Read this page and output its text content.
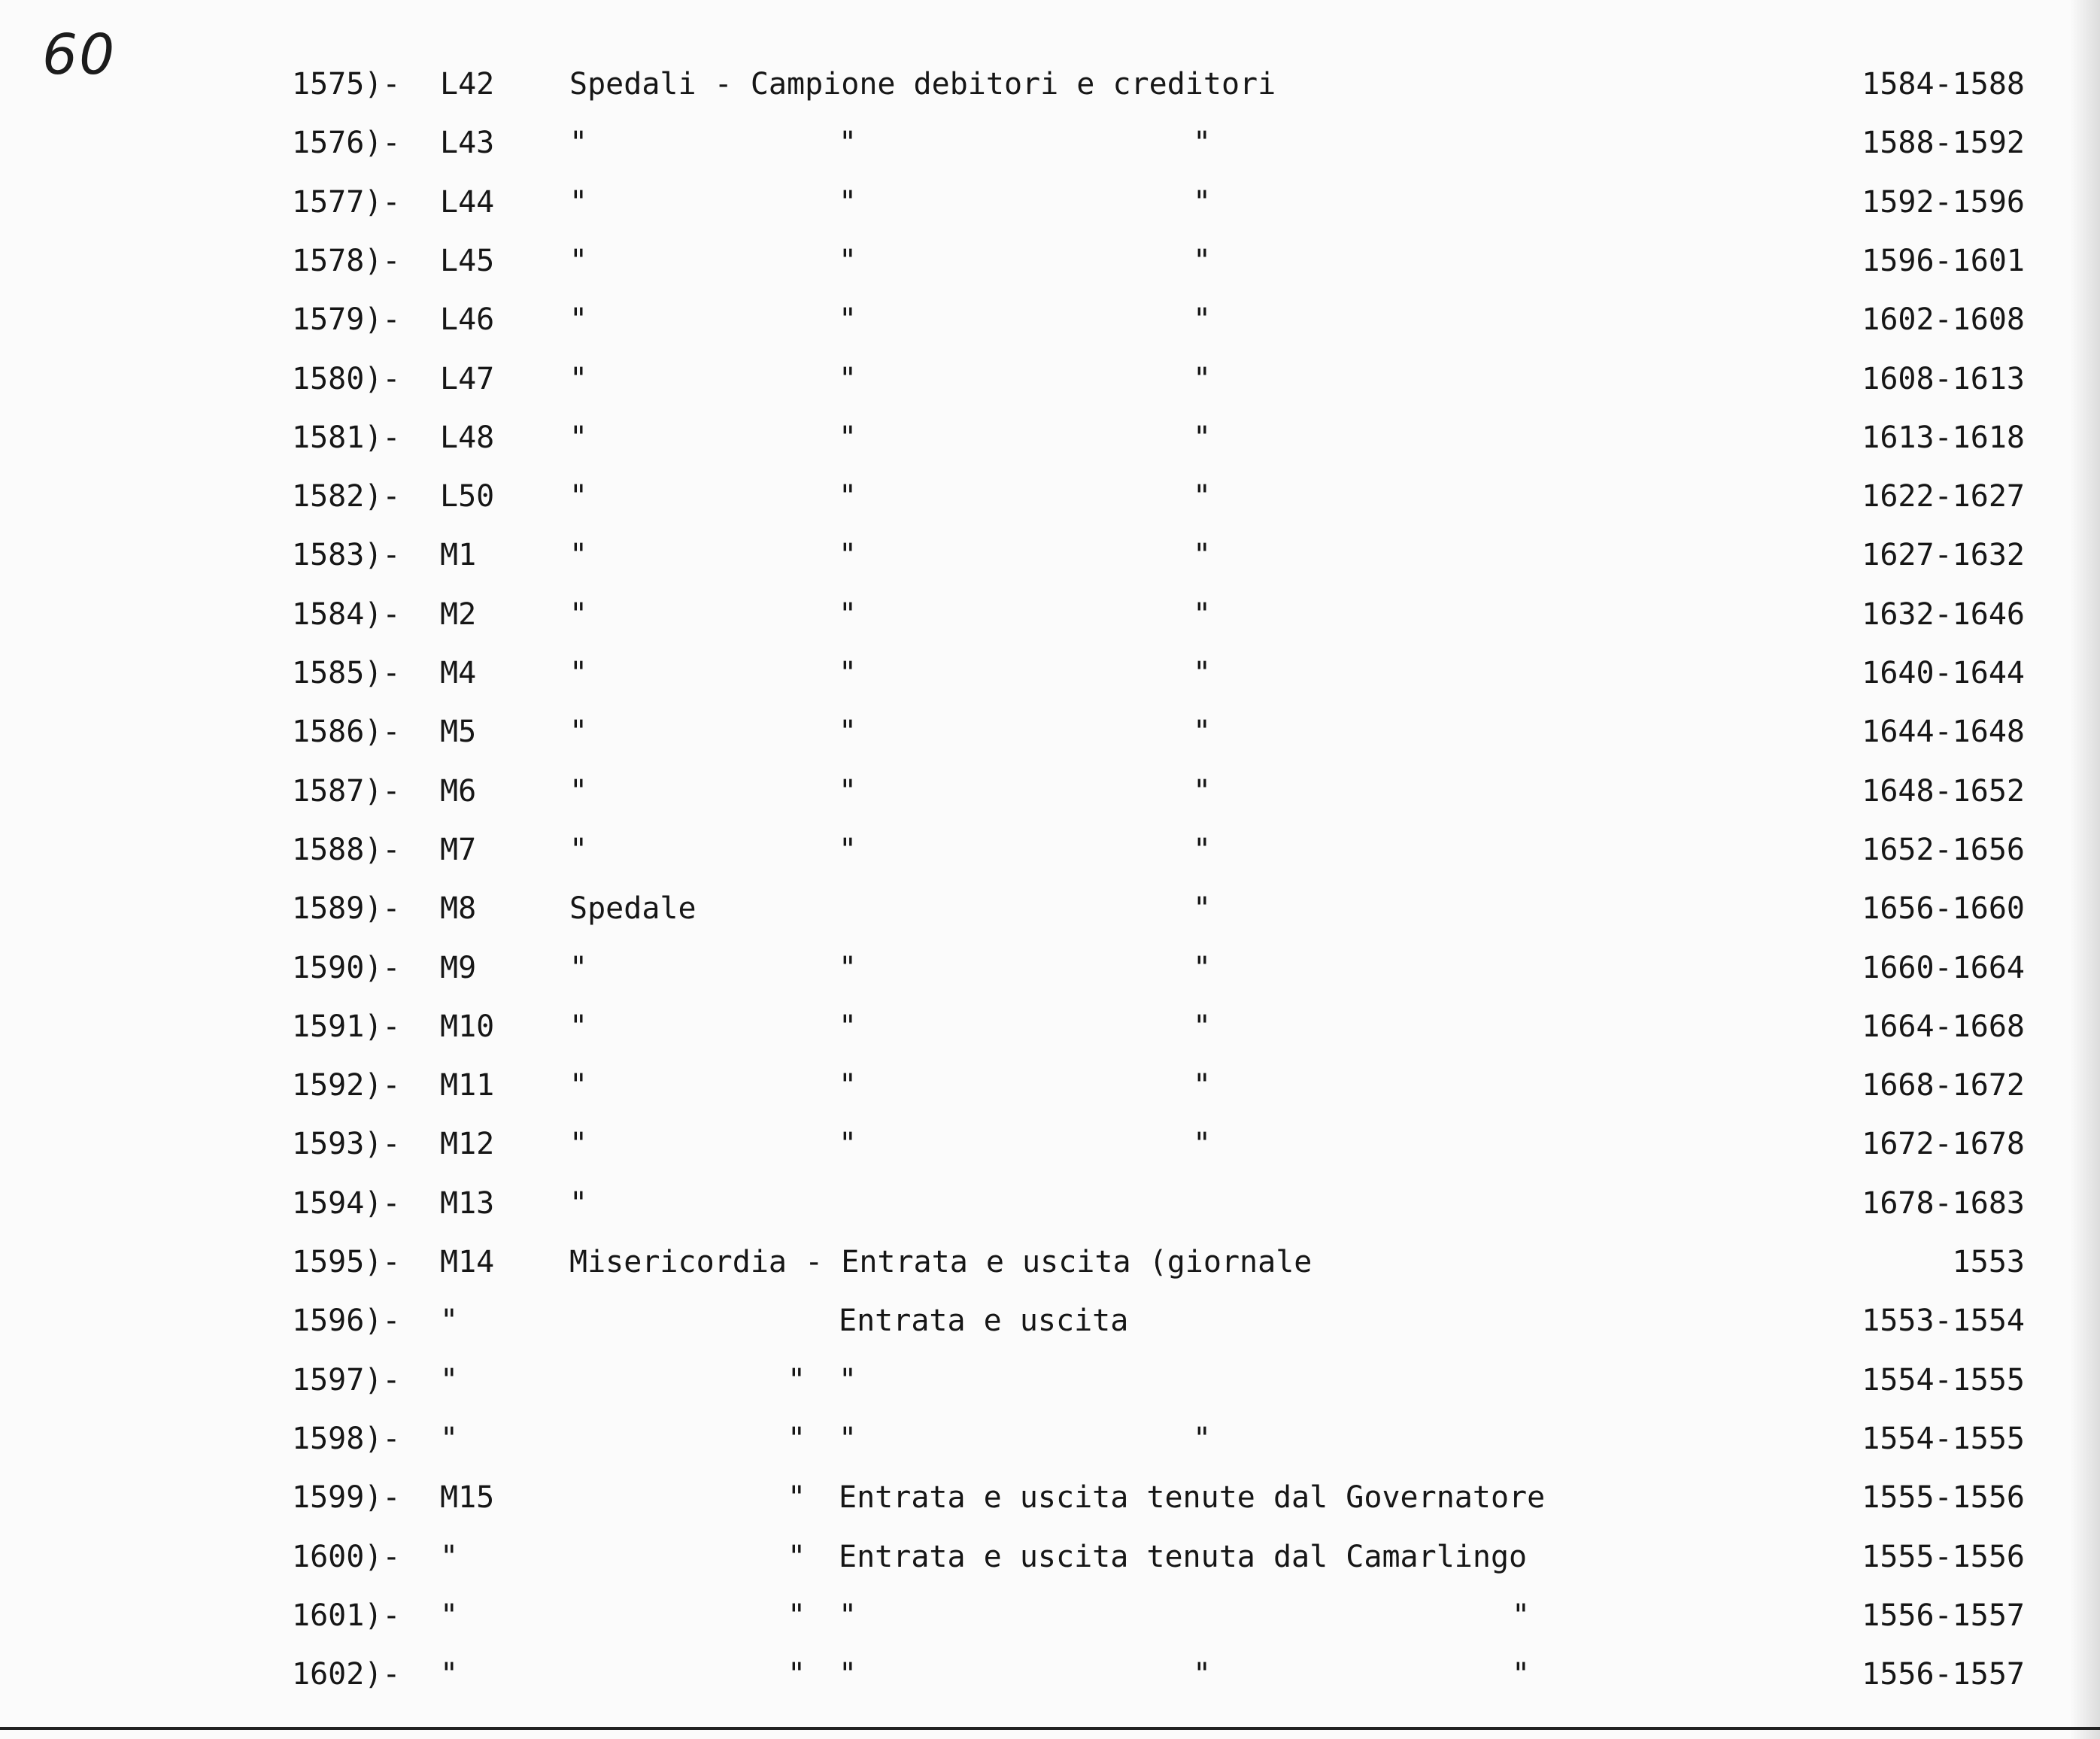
60	1575)- L42 Spedali - Campione debitori e creditori	1584-1588
1576)- L43 "	"	"	1588-1592
1577)- L44 "	"	"	1592-1596
1578)- L45 "	"	"	1596-1601
1579)- L46 "	"	"	1602-1608
1580)- L47 "	"	"	1608-1613
1581)- L48 "	"	"	1613-1618
1582)- L50 "	"	"	1622-1627
1583)- M1	"	"	"	1627-1632
1584)- M2	"	"	"	1632-1646
1585)- M4	"	"	"	1640-1644
1586)- M5	"	"	"	1644-1648
1587)- M6	"	"	"	1648-1652
1588)- M7	"	"	"	1652-1656
1589)- M8	Spedale	"	1656-1660
1590)- M9	"	"	"	1660-1664
1591)- M10 "	"	"	1664-1668
1592)- M11 "	"	"	1668-1672
1593)- M12 "	"	"	1672-1678
1594)- M13 "	1678-1683
1595)- M14 Misericordia - Entrata e uscita (giornale	1553
1596)- "	Entrata e uscita	1553-1554
1597)- "	" "	1554-1555
1598)- "	" "	"	1554-1555
1599)- M15	" Entrata e uscita tenute dal Governatore	1555-1556
1600)- "	" Entrata e uscita tenuta dal Camarlingo	1555-1556
1601)- "	" "	"	1556-1557
1602)- "	" "	"	"	1556-1557
